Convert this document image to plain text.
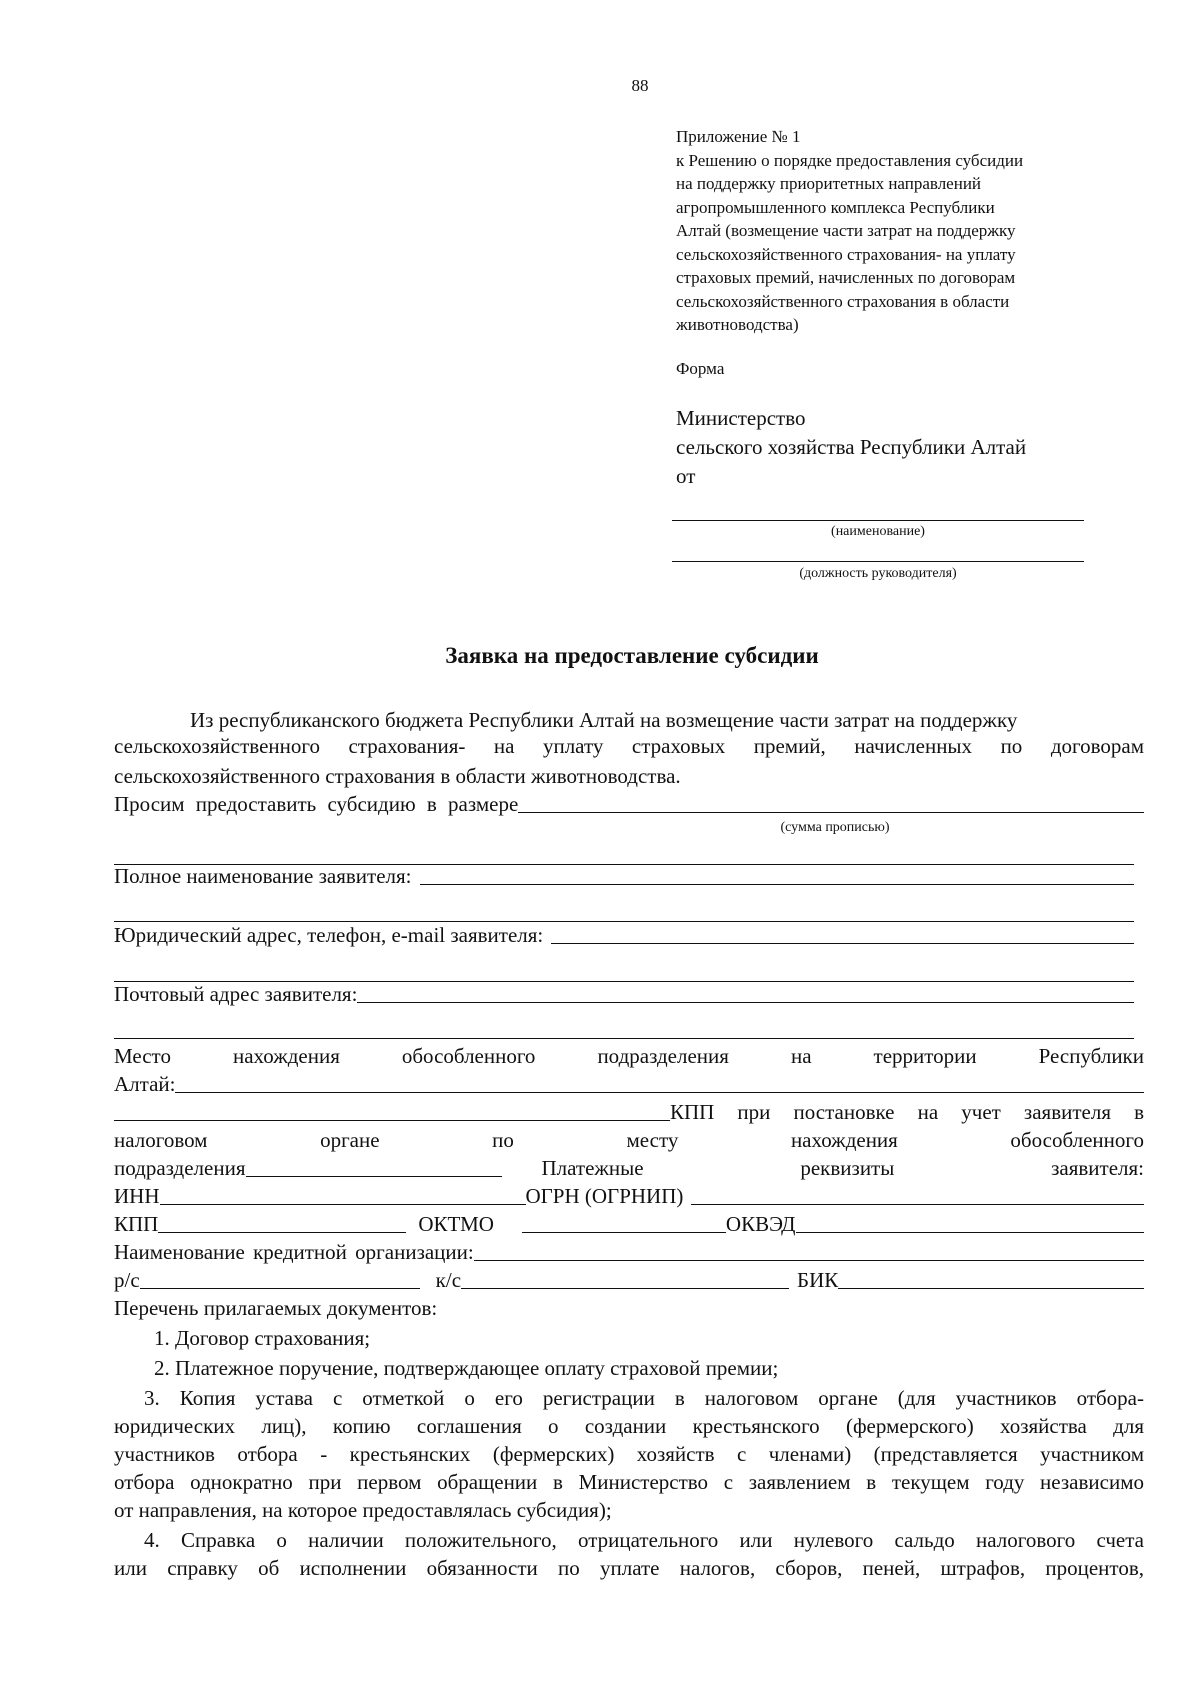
88
Приложение № 1
к Решению о порядке предоставления субсидии
на поддержку приоритетных направлений
агропромышленного комплекса Республики
Алтай (возмещение части затрат на поддержку
сельскохозяйственного страхования- на уплату
страховых премий, начисленных по договорам
сельскохозяйственного страхования в области
животноводства)
Форма
Министерство
сельского хозяйства Республики Алтай
от
(наименование)
(должность руководителя)
Заявка на предоставление субсидии
Из республиканского бюджета Республики Алтай на возмещение части затрат на поддержку
сельскохозяйственного страхования- на уплату страховых премий, начисленных по договорам
сельскохозяйственного страхования в области животноводства.
Просим предоставить субсидию в размере
(сумма прописью)
Полное наименование заявителя:
Юридический адрес, телефон, e-mail заявителя:
Почтовый адрес заявителя:
Место нахождения обособленного подразделения на территории Республики
Алтай:
КПП при постановке на учет заявителя в
налоговом органе по месту нахождения обособленного
подразделения	Платежные реквизиты заявителя:
ИНН	ОГРН (ОГРНИП)
КПП	ОКТМО	ОКВЭД
Наименование кредитной организации:
р/с	к/с	БИК
Перечень прилагаемых документов:
1. Договор страхования;
2. Платежное поручение, подтверждающее оплату страховой премии;
3. Копия устава с отметкой о его регистрации в налоговом органе (для участников отбора-
юридических лиц), копию соглашения о создании крестьянского (фермерского) хозяйства для
участников отбора - крестьянских (фермерских) хозяйств с членами) (представляется участником
отбора однократно при первом обращении в Министерство с заявлением в текущем году независимо
от направления, на которое предоставлялась субсидия);
4. Справка о наличии положительного, отрицательного или нулевого сальдо налогового счета
или справку об исполнении обязанности по уплате налогов, сборов, пеней, штрафов, процентов,
